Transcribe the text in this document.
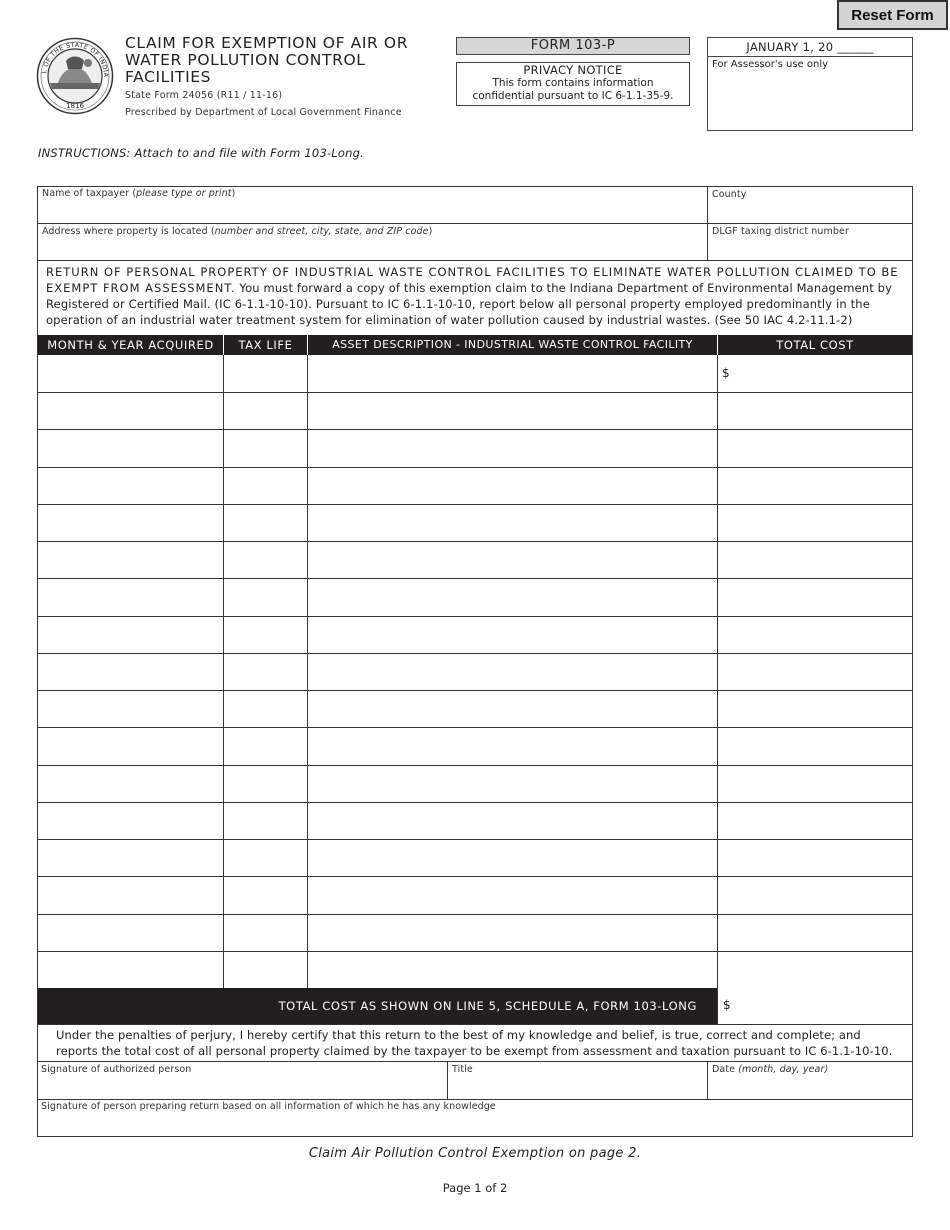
Reset Form
1816
L OF THE STATE OF INDIA
CLAIM FOR EXEMPTION OF AIR OR
WATER POLLUTION CONTROL
FACILITIES
State Form 24056 (R11 / 11-16)
Prescribed by Department of Local Government Finance
FORM 103-P
PRIVACY NOTICE
This form contains information
confidential pursuant to IC 6-1.1-35-9.
JANUARY 1, 20 ______
For Assessor's use only
INSTRUCTIONS: Attach to and file with Form 103-Long.
Name of taxpayer (please type or print)	County
Address where property is located (number and street, city, state, and ZIP code)	DLGF taxing district number
RETURN OF PERSONAL PROPERTY OF INDUSTRIAL WASTE CONTROL FACILITIES TO ELIMINATE WATER POLLUTION CLAIMED TO BE EXEMPT FROM ASSESSMENT. You must forward a copy of this exemption claim to the Indiana Department of Environmental Management by Registered or Certified Mail. (IC 6-1.1-10-10). Pursuant to IC 6-1.1-10-10, report below all personal property employed predominantly in the operation of an industrial water treatment system for elimination of water pollution caused by industrial wastes. (See 50 IAC 4.2-11.1-2)
MONTH & YEAR ACQUIRED	TAX LIFE	ASSET DESCRIPTION - INDUSTRIAL WASTE CONTROL FACILITY	TOTAL COST
$
TOTAL COST AS SHOWN ON LINE 5, SCHEDULE A, FORM 103-LONG	$
Under the penalties of perjury, I hereby certify that this return to the best of my knowledge and belief, is true, correct and complete; and reports the total cost of all personal property claimed by the taxpayer to be exempt from assessment and taxation pursuant to IC 6-1.1-10-10.
Signature of authorized person	Title	Date (month, day, year)
Signature of person preparing return based on all information of which he has any knowledge
Claim Air Pollution Control Exemption on page 2.
Page 1 of 2
